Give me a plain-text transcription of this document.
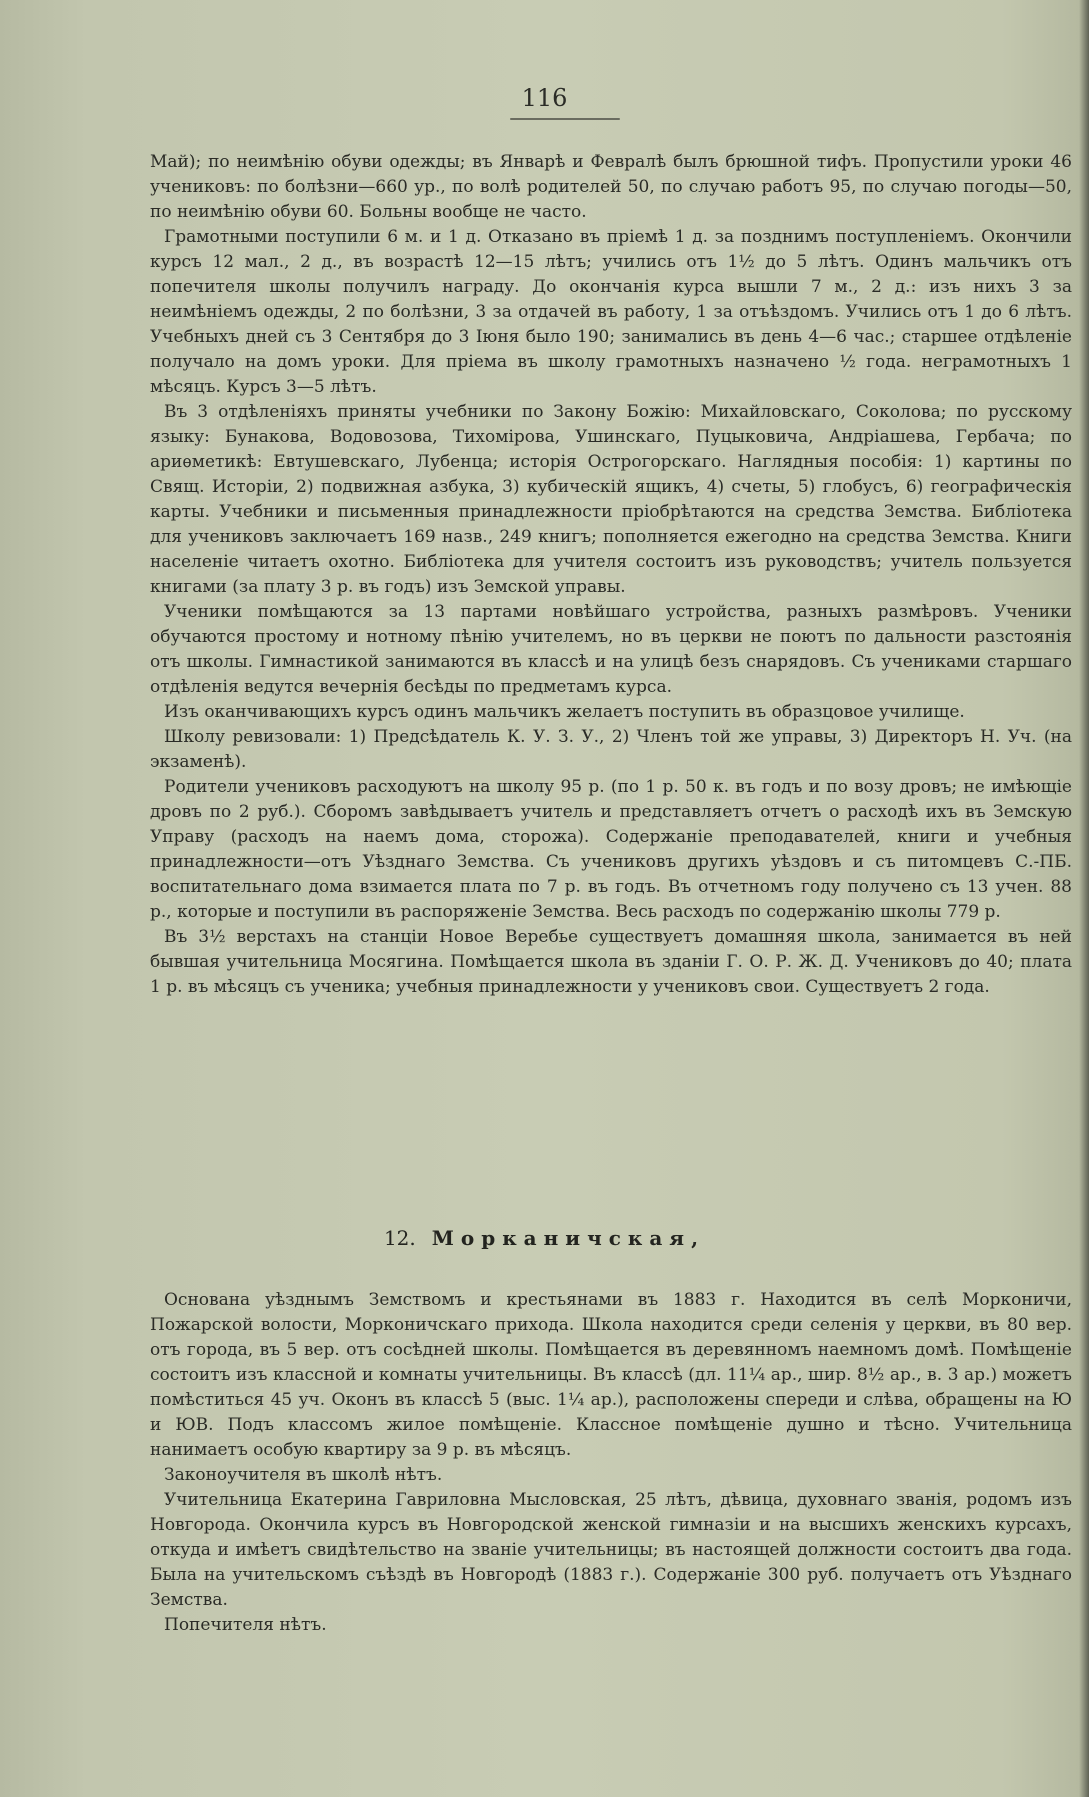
116

Май); по неимѣнію обуви одежды; въ Январѣ и Февралѣ былъ брюшной тифъ. Пропустили уроки 46 учениковъ: по болѣзни—660 ур., по волѣ родителей 50, по случаю работъ 95, по случаю погоды—50, по неимѣнію обуви 60. Больны вообще не часто.

Грамотными поступили 6 м. и 1 д. Отказано въ пріемѣ 1 д. за позднимъ поступленіемъ. Окончили курсъ 12 мал., 2 д., въ возрастѣ 12—15 лѣтъ; учились отъ 1½ до 5 лѣтъ. Одинъ мальчикъ отъ попечителя школы получилъ награду. До окончанія курса вышли 7 м., 2 д.: изъ нихъ 3 за неимѣніемъ одежды, 2 по болѣзни, 3 за отдачей въ работу, 1 за отъѣздомъ. Учились отъ 1 до 6 лѣтъ. Учебныхъ дней съ 3 Сентября до 3 Іюня было 190; занимались въ день 4—6 час.; старшее отдѣленіе получало на домъ уроки. Для пріема въ школу грамотныхъ назначено ½ года. неграмотныхъ 1 мѣсяцъ. Курсъ 3—5 лѣтъ.

Въ 3 отдѣленіяхъ приняты учебники по Закону Божію: Михайловскаго, Соколова; по русскому языку: Бунакова, Водовозова, Тихомірова, Ушинскаго, Пуцыковича, Андріашева, Гербача; по ариѳметикѣ: Евтушевскаго, Лубенца; исторія Острогорскаго. Наглядныя пособія: 1) картины по Свящ. Исторіи, 2) подвижная азбука, 3) кубическій ящикъ, 4) счеты, 5) глобусъ, 6) географическія карты. Учебники и письменныя принадлежности пріобрѣтаются на средства Земства. Библіотека для учениковъ заключаетъ 169 назв., 249 книгъ; пополняется ежегодно на средства Земства. Книги населеніе читаетъ охотно. Библіотека для учителя состоитъ изъ руководствъ; учитель пользуется книгами (за плату 3 р. въ годъ) изъ Земской управы.

Ученики помѣщаются за 13 партами новѣйшаго устройства, разныхъ размѣровъ. Ученики обучаются простому и нотному пѣнію учителемъ, но въ церкви не поютъ по дальности разстоянія отъ школы. Гимнастикой занимаются въ классѣ и на улицѣ безъ снарядовъ. Съ учениками старшаго отдѣленія ведутся вечернія бесѣды по предметамъ курса.

Изъ оканчивающихъ курсъ одинъ мальчикъ желаетъ поступить въ образцовое училище.

Школу ревизовали: 1) Предсѣдатель К. У. З. У., 2) Членъ той же управы, 3) Директоръ Н. Уч. (на экзаменѣ).

Родители учениковъ расходуютъ на школу 95 р. (по 1 р. 50 к. въ годъ и по возу дровъ; не имѣющіе дровъ по 2 руб.). Сборомъ завѣдываетъ учитель и представляетъ отчетъ о расходѣ ихъ въ Земскую Управу (расходъ на наемъ дома, сторожа). Содержаніе преподавателей, книги и учебныя принадлежности—отъ Уѣзднаго Земства. Съ учениковъ другихъ уѣздовъ и съ питомцевъ С.-ПБ. воспитательнаго дома взимается плата по 7 р. въ годъ. Въ отчетномъ году получено съ 13 учен. 88 р., которые и поступили въ распоряженіе Земства. Весь расходъ по содержанію школы 779 р.

Въ 3½ верстахъ на станціи Новое Веребье существуетъ домашняя школа, занимается въ ней бывшая учительница Мосягина. Помѣщается школа въ зданіи Г. О. Р. Ж. Д. Учениковъ до 40; плата 1 р. въ мѣсяцъ съ ученика; учебныя принадлежности у учениковъ свои. Существуетъ 2 года.

12. Морканичская,

Основана уѣзднымъ Земствомъ и крестьянами въ 1883 г. Находится въ селѣ Морконичи, Пожарской волости, Морконичскаго прихода. Школа находится среди селенія у церкви, въ 80 вер. отъ города, въ 5 вер. отъ сосѣдней школы. Помѣщается въ деревянномъ наемномъ домѣ. Помѣщеніе состоитъ изъ классной и комнаты учительницы. Въ классѣ (дл. 11¼ ар., шир. 8½ ар., в. 3 ар.) можетъ помѣститься 45 уч. Оконъ въ классѣ 5 (выс. 1¼ ар.), расположены спереди и слѣва, обращены на Ю и ЮВ. Подъ классомъ жилое помѣщеніе. Классное помѣщеніе душно и тѣсно. Учительница нанимаетъ особую квартиру за 9 р. въ мѣсяцъ.

Законоучителя въ школѣ нѣтъ.

Учительница Екатерина Гавриловна Мысловская, 25 лѣтъ, дѣвица, духовнаго званія, родомъ изъ Новгорода. Окончила курсъ въ Новгородской женской гимназіи и на высшихъ женскихъ курсахъ, откуда и имѣетъ свидѣтельство на званіе учительницы; въ настоящей должности состоитъ два года. Была на учительскомъ съѣздѣ въ Новгородѣ (1883 г.). Содержаніе 300 руб. получаетъ отъ Уѣзднаго Земства.

Попечителя нѣтъ.
